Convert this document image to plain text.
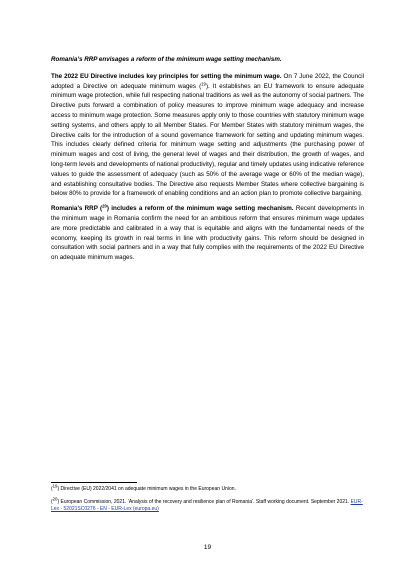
Romania’s RRP envisages a reform of the minimum wage setting mechanism.

The 2022 EU Directive includes key principles for setting the minimum wage. On 7 June 2022, the Council adopted a Directive on adequate minimum wages ($^{19}$). It establishes an EU framework to ensure adequate minimum wage protection, while full respecting national traditions as well as the autonomy of social partners. The Directive puts forward a combination of policy measures to improve minimum wage adequacy and increase access to minimum wage protection. Some measures apply only to those countries with statutory minimum wage setting systems, and others apply to all Member States. For Member States with statutory minimum wages, the Directive calls for the introduction of a sound governance framework for setting and updating minimum wages. This includes clearly defined criteria for minimum wage setting and adjustments (the purchasing power of minimum wages and cost of living, the general level of wages and their distribution, the growth of wages, and long-term levels and developments of national productivity), regular and timely updates using indicative reference values to guide the assessment of adequacy (such as 50% of the average wage or 60% of the median wage), and establishing consultative bodies. The Directive also requests Member States where collective bargaining is below 80% to provide for a framework of enabling conditions and an action plan to promote collective bargaining.

Romania’s RRP ($^{20}$) includes a reform of the minimum wage setting mechanism. Recent developments in the minimum wage in Romania confirm the need for an ambitious reform that ensures minimum wage updates are more predictable and calibrated in a way that is equitable and aligns with the fundamental needs of the economy, keeping its growth in real terms in line with productivity gains. This reform should be designed in consultation with social partners and in a way that fully complies with the requirements of the 2022 EU Directive on adequate minimum wages.

($^{19}$) Directive (EU) 2022/2041 on adequate minimum wages in the European Union.

($^{20}$) European Commission, 2021. ‘Analysis of the recovery and resilience plan of Romania’. Staff working document. September 2021. EUR-Lex - 52021SC0276 - EN - EUR-Lex (europa.eu)

19
